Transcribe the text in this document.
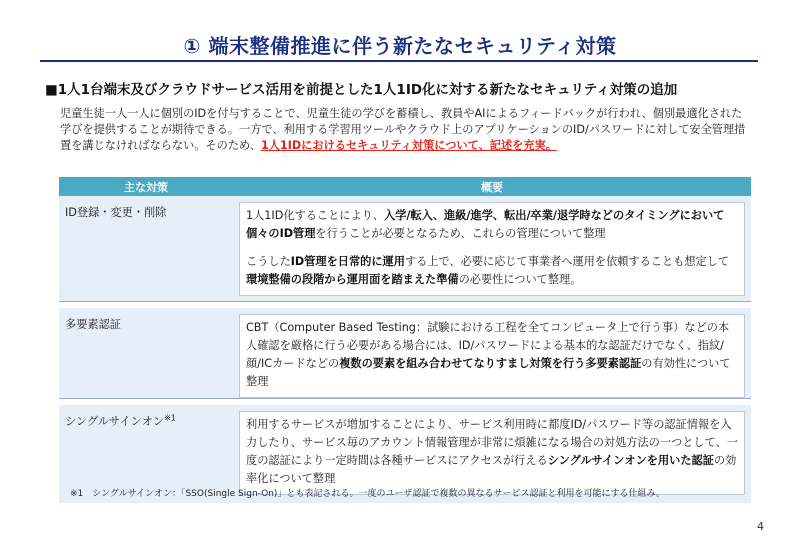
① 端末整備推進に伴う新たなセキュリティ対策
■1人1台端末及びクラウドサービス活用を前提とした1人1ID化に対する新たなセキュリティ対策の追加
児童生徒一人一人に個別のIDを付与することで、児童生徒の学びを蓄積し、教員やAIによるフィードバックが行われ、個別最適化された学びを提供することが期待できる。一方で、利用する学習用ツールやクラウド上のアプリケーションのID/パスワードに対して安全管理措置を講じなければならない。そのため、1人1IDにおけるセキュリティ対策について、記述を充実。
主な対策	概要
ID登録・変更・削除	1人1ID化することにより、入学/転入、進級/進学、転出/卒業/退学時などのタイミングにおいて個々のID管理を行うことが必要となるため、これらの管理について整理

こうしたID管理を日常的に運用する上で、必要に応じて事業者へ運用を依頼することも想定して環境整備の段階から運用面を踏まえた準備の必要性について整理。

多要素認証	CBT（Computer Based Testing：試験における工程を全てコンピュータ上で行う事）などの本人確認を厳格に行う必要がある場合には、ID/パスワードによる基本的な認証だけでなく、指紋/顔/ICカードなどの複数の要素を組み合わせてなりすまし対策を行う多要素認証の有効性について整理

シングルサインオン$^{※1}$	利用するサービスが増加することにより、サービス利用時に都度ID/パスワード等の認証情報を入力したり、サービス毎のアカウント情報管理が非常に煩雑になる場合の対処方法の一つとして、一度の認証により一定時間は各種サービスにアクセスが行えるシングルサインオンを用いた認証の効率化について整理

※1　シングルサインオン：「SSO(Single Sign-On)」とも表記される。一度のユーザ認証で複数の異なるサービス認証と利用を可能にする仕組み。
4
